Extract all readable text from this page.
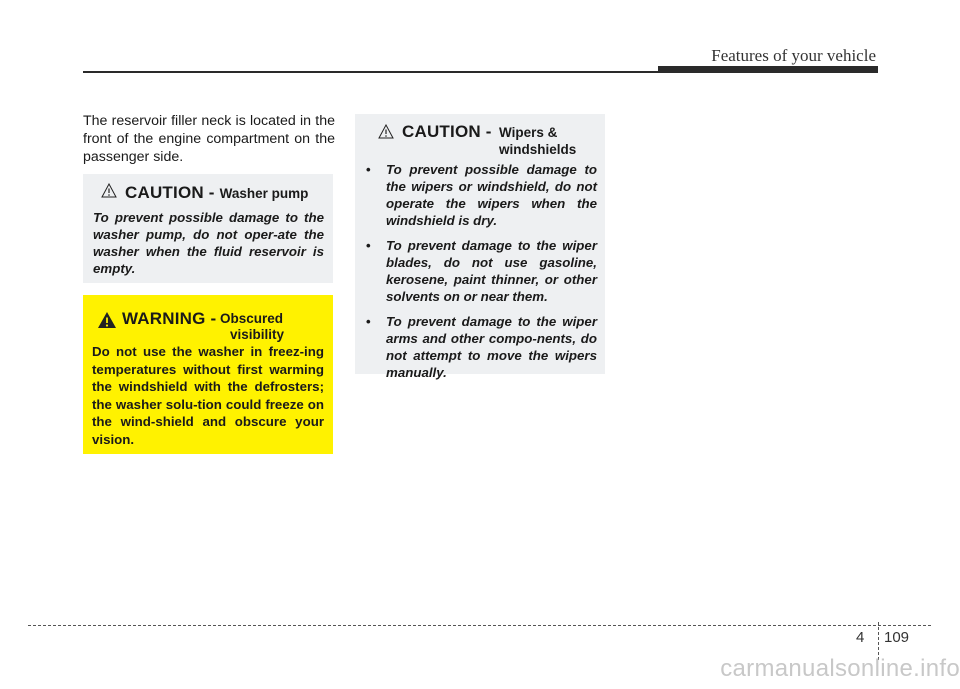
Features of your vehicle
The reservoir filler neck is located in the front of the engine compartment on the passenger side.
CAUTION - Washer pump
To prevent possible damage to the washer pump, do not oper-ate the washer when the fluid reservoir is empty.
WARNING - Obscured
visibility
Do not use the washer in freez-ing temperatures without first warming the windshield with the defrosters; the washer solu-tion could freeze on the wind-shield and obscure your vision.
CAUTION - Wipers &
windshields
• To prevent possible damage to the wipers or windshield, do not operate the wipers when the windshield is dry.
• To prevent damage to the wiper blades, do not use gasoline, kerosene, paint thinner, or other solvents on or near them.
• To prevent damage to the wiper arms and other compo-nents, do not attempt to move the wipers manually.
4 109
carmanualsonline.info
